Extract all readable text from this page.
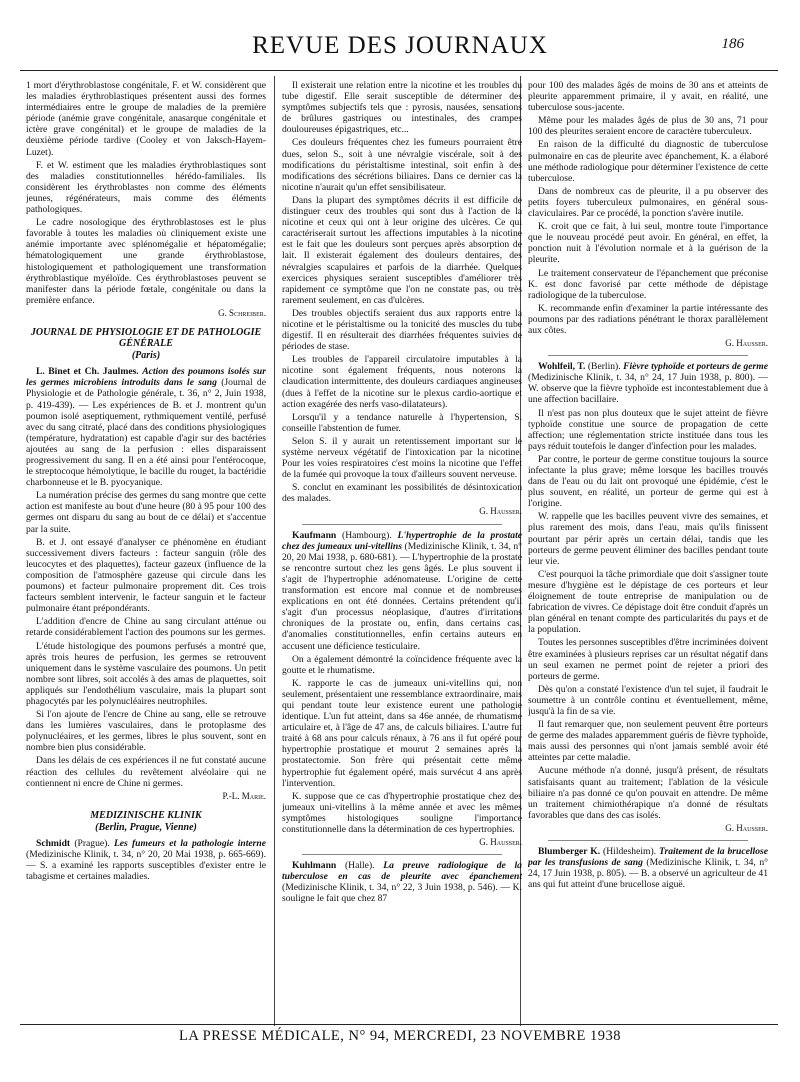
REVUE DES JOURNAUX	186

1 mort d'érythroblastose congénitale, F. et W. considèrent que les maladies érythroblastiques présentent aussi des formes intermédiaires entre le groupe de maladies de la première période (anémie grave congénitale, anasarque congénitale et ictère grave congénital) et le groupe de maladies de la deuxième période tardive (Cooley et von Jaksch-Hayem-Luzet).

F. et W. estiment que les maladies érythroblastiques sont des maladies constitutionnelles hérédo-familiales. Ils considèrent les érythroblastes non comme des éléments jeunes, régénérateurs, mais comme des éléments pathologiques.

Le cadre nosologique des érythroblastoses est le plus favorable à toutes les maladies où cliniquement existe une anémie importante avec splénomégalie et hépatomégalie; hématologiquement une grande érythroblastose, histologiquement et pathologiquement une transformation érythroblastique myéloïde. Ces érythroblastoses peuvent se manifester dans la période fœtale, congénitale ou dans la première enfance.

G. Schreiber.
JOURNAL DE PHYSIOLOGIE ET DE PATHOLOGIE GÉNÉRALE
(Paris)

L. Binet et Ch. Jaulmes. Action des poumons isolés sur les germes microbiens introduits dans le sang (Journal de Physiologie et de Pathologie générale, t. 36, n° 2, Juin 1938, p. 419-439). — Les expériences de B. et J. montrent qu'un poumon isolé aseptiquement, rythmiquement ventilé, perfusé avec du sang citraté, placé dans des conditions physiologiques (température, hydratation) est capable d'agir sur des bactéries ajoutées au sang de la perfusion : elles disparaissent progressivement du sang. Il en a été ainsi pour l'entérocoque, le streptocoque hémolytique, le bacille du rouget, la bactéridie charbonneuse et le B. pyocyanique.

La numération précise des germes du sang montre que cette action est manifeste au bout d'une heure (80 à 95 pour 100 des germes ont disparu du sang au bout de ce délai) et s'accentue par la suite.

B. et J. ont essayé d'analyser ce phénomène en étudiant successivement divers facteurs : facteur sanguin (rôle des leucocytes et des plaquettes), facteur gazeux (influence de la composition de l'atmosphère gazeuse qui circule dans les poumons) et facteur pulmonaire proprement dit. Ces trois facteurs semblent intervenir, le facteur sanguin et le facteur pulmonaire étant prépondérants.

L'addition d'encre de Chine au sang circulant atténue ou retarde considérablement l'action des poumons sur les germes.

L'étude histologique des poumons perfusés a montré que, après trois heures de perfusion, les germes se retrouvent uniquement dans le système vasculaire des poumons. Un petit nombre sont libres, soit accolés à des amas de plaquettes, soit appliqués sur l'endothélium vasculaire, mais la plupart sont phagocytés par les polynucléaires neutrophiles.

Si l'on ajoute de l'encre de Chine au sang, elle se retrouve dans les lumières vasculaires, dans le protoplasme des polynucléaires, et les germes, libres le plus souvent, sont en nombre bien plus considérable.

Dans les délais de ces expériences il ne fut constaté aucune réaction des cellules du revêtement alvéolaire qui ne contiennent ni encre de Chine ni germes.

P.-L. Marie.
MEDIZINISCHE KLINIK
(Berlin, Prague, Vienne)

Schmidt (Prague). Les fumeurs et la pathologie interne (Medizinische Klinik, t. 34, n° 20, 20 Mai 1938, p. 665-669). — S. a examiné les rapports susceptibles d'exister entre le tabagisme et certaines maladies.

Il existerait une relation entre la nicotine et les troubles du tube digestif. Elle serait susceptible de déterminer des symptômes subjectifs tels que : pyrosis, nausées, sensations de brûlures gastriques ou intestinales, des crampes douloureuses épigastriques, etc...

Ces douleurs fréquentes chez les fumeurs pourraient être dues, selon S., soit à une névralgie viscérale, soit à des modifications du péristaltisme intestinal, soit enfin à des modifications des sécrétions biliaires. Dans ce dernier cas la nicotine n'aurait qu'un effet sensibilisateur.

Dans la plupart des symptômes décrits il est difficile de distinguer ceux des troubles qui sont dus à l'action de la nicotine et ceux qui ont à leur origine des ulcères. Ce qui caractériserait surtout les affections imputables à la nicotine est le fait que les douleurs sont perçues après absorption de lait. Il existerait également des douleurs dentaires, des névralgies scapulaires et parfois de la diarrhée. Quelques exercices physiques seraient susceptibles d'améliorer très rapidement ce symptôme que l'on ne constate pas, ou très rarement seulement, en cas d'ulcères.

Des troubles objectifs seraient dus aux rapports entre la nicotine et le péristaltisme ou la tonicité des muscles du tube digestif. Il en résulterait des diarrhées fréquentes suivies de périodes de stase.

Les troubles de l'appareil circulatoire imputables à la nicotine sont également fréquents, nous noterons la claudication intermittente, des douleurs cardiaques angineuses (dues à l'effet de la nicotine sur le plexus cardio-aortique et action exagérée des nerfs vaso-dilatateurs).

Lorsqu'il y a tendance naturelle à l'hypertension, S. conseille l'abstention de fumer.

Selon S. il y aurait un retentissement important sur le système nerveux végétatif de l'intoxication par la nicotine. Pour les voies respiratoires c'est moins la nicotine que l'effet de la fumée qui provoque la toux d'ailleurs souvent nerveuse.

S. conclut en examinant les possibilités de désintoxication des malades.

G. Hausser.

Kaufmann (Hambourg). L'hypertrophie de la prostate chez des jumeaux uni-vitellins (Medizinische Klinik, t. 34, n° 20, 20 Mai 1938, p. 680-681). — L'hypertrophie de la prostate se rencontre surtout chez les gens âgés. Le plus souvent il s'agit de l'hypertrophie adénomateuse. L'origine de cette transformation est encore mal connue et de nombreuses explications en ont été données. Certains prétendent qu'il s'agit d'un processus néoplasique, d'autres d'irritations chroniques de la prostate ou, enfin, dans certains cas, d'anomalies constitutionnelles, enfin certains auteurs en accusent une déficience testiculaire.

On a également démontré la coïncidence fréquente avec la goutte et le rhumatisme.

K. rapporte le cas de jumeaux uni-vitellins qui, non seulement, présentaient une ressemblance extraordinaire, mais qui pendant toute leur existence eurent une pathologie identique. L'un fut atteint, dans sa 46e année, de rhumatisme articulaire et, à l'âge de 47 ans, de calculs biliaires. L'autre fut traité à 68 ans pour calculs rénaux, à 76 ans il fut opéré pour hypertrophie prostatique et mourut 2 semaines après la prostatectomie. Son frère qui présentait cette même hypertrophie fut également opéré, mais survécut 4 ans après l'intervention.

K. suppose que ce cas d'hypertrophie prostatique chez des jumeaux uni-vitellins à la même année et avec les mêmes symptômes histologiques souligne l'importance constitutionnelle dans la détermination de ces hypertrophies.

G. Hausser.

Kuhlmann (Halle). La preuve radiologique de la tuberculose en cas de pleurite avec épanchement (Medizinische Klinik, t. 34, n° 22, 3 Juin 1938, p. 546). — K. souligne le fait que chez 87

pour 100 des malades âgés de moins de 30 ans et atteints de pleurite apparemment primaire, il y avait, en réalité, une tuberculose sous-jacente.

Même pour les malades âgés de plus de 30 ans, 71 pour 100 des pleurites seraient encore de caractère tuberculeux.

En raison de la difficulté du diagnostic de tuberculose pulmonaire en cas de pleurite avec épanchement, K. a élaboré une méthode radiologique pour déterminer l'existence de cette tuberculose.

Dans de nombreux cas de pleurite, il a pu observer des petits foyers tuberculeux pulmonaires, en général sous-claviculaires. Par ce procédé, la ponction s'avère inutile.

K. croit que ce fait, à lui seul, montre toute l'importance que le nouveau procédé peut avoir. En général, en effet, la ponction nuit à l'évolution normale et à la guérison de la pleurite.

Le traitement conservateur de l'épanchement que préconise K. est donc favorisé par cette méthode de dépistage radiologique de la tuberculose.

K. recommande enfin d'examiner la partie intéressante des poumons par des radiations pénétrant le thorax parallèlement aux côtes.

G. Hausser.

Wohlfeil, T. (Berlin). Fièvre typhoïde et porteurs de germe (Medizinische Klinik, t. 34, n° 24, 17 Juin 1938, p. 800). — W. observe que la fièvre typhoïde est incontestablement due à une affection bacillaire.

Il n'est pas non plus douteux que le sujet atteint de fièvre typhoïde constitue une source de propagation de cette affection; une réglementation stricte instituée dans tous les pays réduit toutefois le danger d'infection pour les malades.

Par contre, le porteur de germe constitue toujours la source infectante la plus grave; même lorsque les bacilles trouvés dans de l'eau ou du lait ont provoqué une épidémie, c'est le plus souvent, en réalité, un porteur de germe qui est à l'origine.

W. rappelle que les bacilles peuvent vivre des semaines, et plus rarement des mois, dans l'eau, mais qu'ils finissent pourtant par périr après un certain délai, tandis que les porteurs de germe peuvent éliminer des bacilles pendant toute leur vie.

C'est pourquoi la tâche primordiale que doit s'assigner toute mesure d'hygiène est le dépistage de ces porteurs et leur éloignement de toute entreprise de manipulation ou de fabrication de vivres. Ce dépistage doit être conduit d'après un plan général en tenant compte des particularités du pays et de la population.

Toutes les personnes susceptibles d'être incriminées doivent être examinées à plusieurs reprises car un résultat négatif dans un seul examen ne permet point de rejeter a priori des porteurs de germe.

Dès qu'on a constaté l'existence d'un tel sujet, il faudrait le soumettre à un contrôle continu et éventuellement, même, jusqu'à la fin de sa vie.

Il faut remarquer que, non seulement peuvent être porteurs de germe des malades apparemment guéris de fièvre typhoïde, mais aussi des personnes qui n'ont jamais semblé avoir été atteintes par cette maladie.

Aucune méthode n'a donné, jusqu'à présent, de résultats satisfaisants quant au traitement; l'ablation de la vésicule biliaire n'a pas donné ce qu'on pouvait en attendre. De même un traitement chimiothérapique n'a donné de résultats favorables que dans des cas isolés.

G. Hausser.

Blumberger K. (Hildesheim). Traitement de la brucellose par les transfusions de sang (Medizinische Klinik, t. 34, n° 24, 17 Juin 1938, p. 805). — B. a observé un agriculteur de 41 ans qui fut atteint d'une brucellose aiguë.

LA PRESSE MÉDICALE, N° 94, MERCREDI, 23 NOVEMBRE 1938
